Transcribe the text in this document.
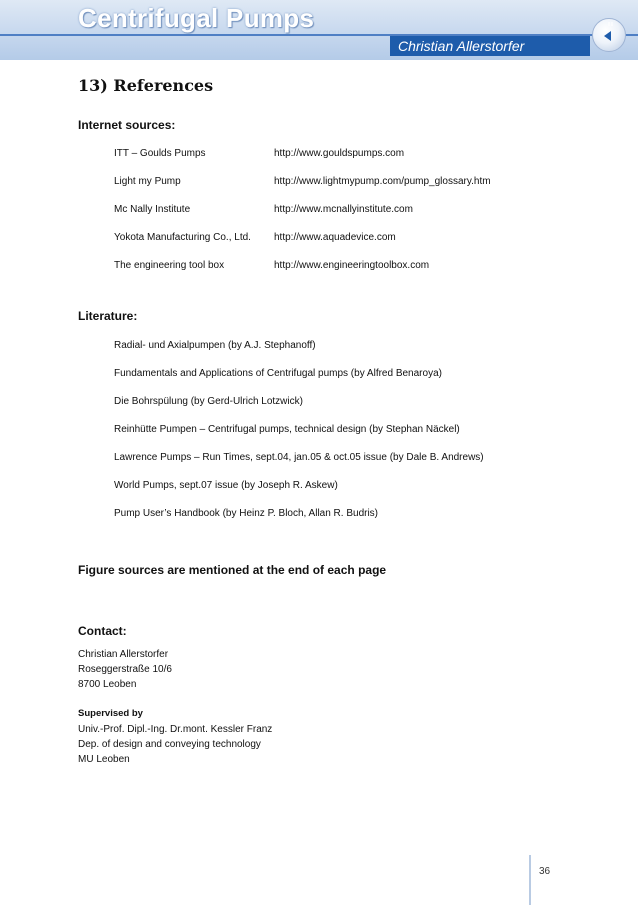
Centrifugal Pumps
Christian Allerstorfer
13) References
Internet sources:
ITT – Goulds Pumps	http://www.gouldspumps.com
Light my Pump	http://www.lightmypump.com/pump_glossary.htm
Mc Nally Institute	http://www.mcnallyinstitute.com
Yokota Manufacturing Co., Ltd. http://www.aquadevice.com
The engineering tool box	http://www.engineeringtoolbox.com
Literature:
Radial- und Axialpumpen (by A.J. Stephanoff)
Fundamentals and Applications of Centrifugal pumps (by Alfred Benaroya)
Die Bohrspülung (by Gerd-Ulrich Lotzwick)
Reinhütte Pumpen – Centrifugal pumps, technical design (by Stephan Näckel)
Lawrence Pumps – Run Times, sept.04, jan.05 & oct.05 issue (by Dale B. Andrews)
World Pumps, sept.07 issue (by Joseph R. Askew)
Pump User’s Handbook (by Heinz P. Bloch, Allan R. Budris)
Figure sources are mentioned at the end of each page
Contact:
Christian Allerstorfer
Roseggerstraße 10/6
8700 Leoben
Supervised by
Univ.-Prof. Dipl.-Ing. Dr.mont. Kessler Franz
Dep. of design and conveying technology
MU Leoben
36
